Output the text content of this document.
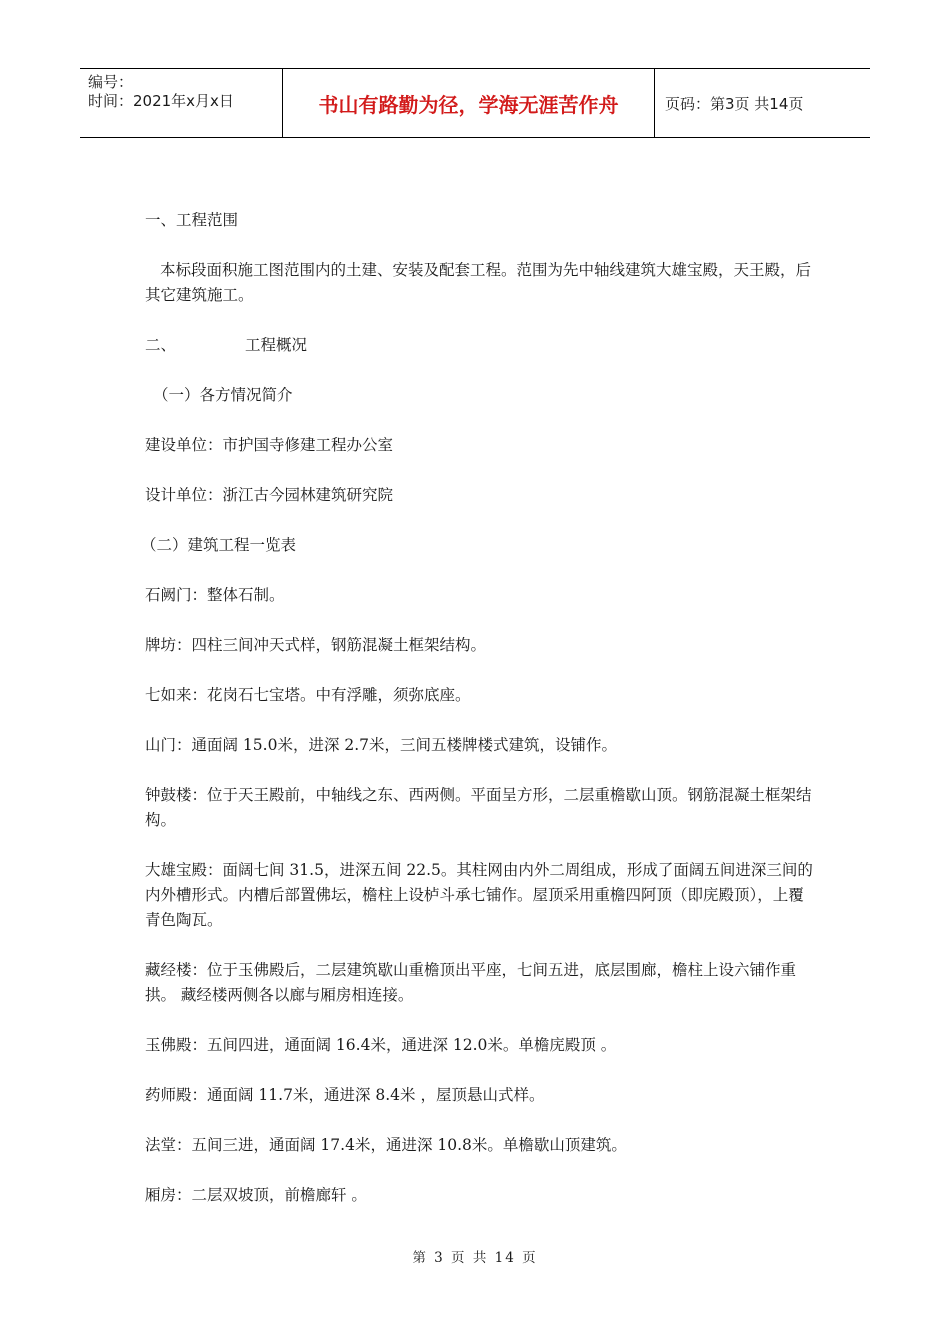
编号：
时间：2021年x月x日	书山有路勤为径，学海无涯苦作舟	页码：第3页 共14页

一、工程范围

本标段面积施工图范围内的土建、安装及配套工程。范围为先中轴线建筑大雄宝殿，天王殿，后其它建筑施工。

二、	工程概况

（一）各方情况简介

建设单位：市护国寺修建工程办公室

设计单位：浙江古今园林建筑研究院

（二）建筑工程一览表

石阙门：整体石制。

牌坊：四柱三间冲天式样，钢筋混凝土框架结构。

七如来：花岗石七宝塔。中有浮雕，须弥底座。

山门：通面阔 15.0米，进深 2.7米，三间五楼牌楼式建筑，设铺作。

钟鼓楼：位于天王殿前，中轴线之东、西两侧。平面呈方形，二层重檐歇山顶。钢筋混凝土框架结构。

大雄宝殿：面阔七间 31.5，进深五间 22.5。其柱网由内外二周组成，形成了面阔五间进深三间的内外槽形式。内槽后部置佛坛，檐柱上设栌斗承七铺作。屋顶采用重檐四阿顶（即庑殿顶），上覆青色陶瓦。

藏经楼：位于玉佛殿后，二层建筑歇山重檐顶出平座，七间五进，底层围廊，檐柱上设六铺作重拱。 藏经楼两侧各以廊与厢房相连接。

玉佛殿：五间四进，通面阔 16.4米，通进深 12.0米。单檐庑殿顶 。

药师殿：通面阔 11.7米，通进深 8.4米 ，屋顶悬山式样。

法堂：五间三进，通面阔 17.4米，通进深 10.8米。单檐歇山顶建筑。

厢房：二层双坡顶，前檐廊轩 。

第 3 页 共 14 页
